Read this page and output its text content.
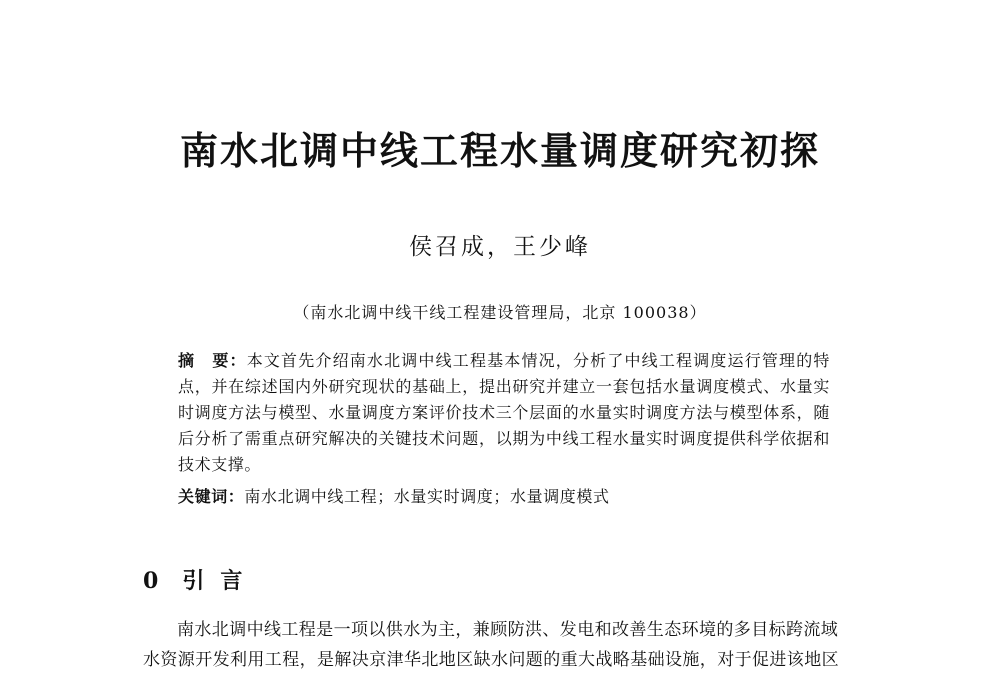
南水北调中线工程水量调度研究初探
侯召成，王少峰
（南水北调中线干线工程建设管理局，北京 100038）
摘　要：本文首先介绍南水北调中线工程基本情况，分析了中线工程调度运行管理的特点，并在综述国内外研究现状的基础上，提出研究并建立一套包括水量调度模式、水量实时调度方法与模型、水量调度方案评价技术三个层面的水量实时调度方法与模型体系，随后分析了需重点研究解决的关键技术问题，以期为中线工程水量实时调度提供科学依据和技术支撑。
关键词：南水北调中线工程；水量实时调度；水量调度模式
0 引言
南水北调中线工程是一项以供水为主，兼顾防洪、发电和改善生态环境的多目标跨流域
水资源开发利用工程，是解决京津华北地区缺水问题的重大战略基础设施，对于促进该地区
